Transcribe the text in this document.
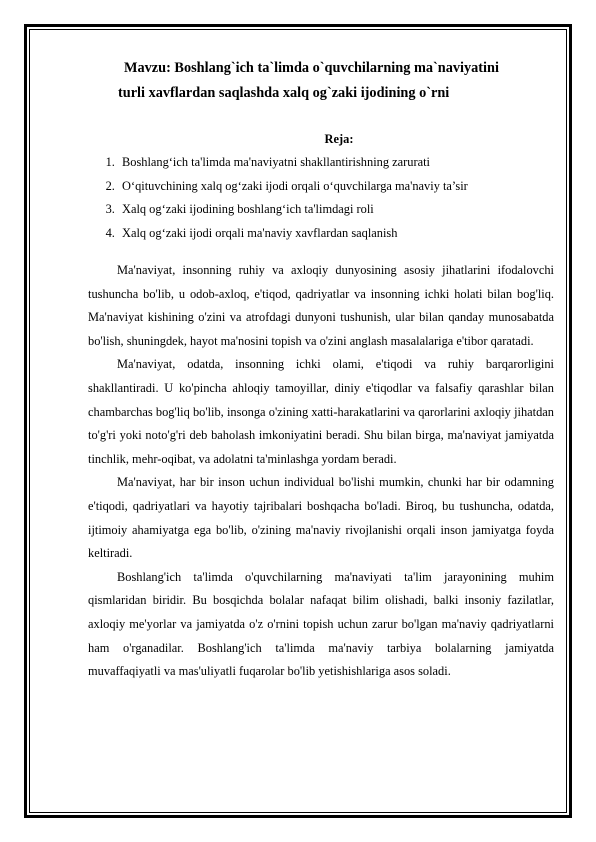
Mavzu: Boshlang`ich ta`limda o`quvchilarning ma`naviyatini

turli xavflardan saqlashda xalq og`zaki ijodining o`rni
Reja:
1. Boshlang‘ich ta'limda ma'naviyatni shakllantirishning zarurati
2. O‘qituvchining xalq og‘zaki ijodi orqali o‘quvchilarga ma'naviy ta’sir
3. Xalq og‘zaki ijodining boshlang‘ich ta'limdagi roli
4. Xalq og‘zaki ijodi orqali ma'naviy xavflardan saqlanish

Ma'naviyat, insonning ruhiy va axloqiy dunyosining asosiy jihatlarini ifodalovchi tushuncha bo'lib, u odob-axloq, e'tiqod, qadriyatlar va insonning ichki holati bilan bog'liq. Ma'naviyat kishining o'zini va atrofdagi dunyoni tushunish, ular bilan qanday munosabatda bo'lish, shuningdek, hayot ma'nosini topish va o'zini anglash masalalariga e'tibor qaratadi.

Ma'naviyat, odatda, insonning ichki olami, e'tiqodi va ruhiy barqarorligini shakllantiradi. U ko'pincha ahloqiy tamoyillar, diniy e'tiqodlar va falsafiy qarashlar bilan chambarchas bog'liq bo'lib, insonga o'zining xatti-harakatlarini va qarorlarini axloqiy jihatdan to'g'ri yoki noto'g'ri deb baholash imkoniyatini beradi. Shu bilan birga, ma'naviyat jamiyatda tinchlik, mehr-oqibat, va adolatni ta'minlashga yordam beradi.

Ma'naviyat, har bir inson uchun individual bo'lishi mumkin, chunki har bir odamning e'tiqodi, qadriyatlari va hayotiy tajribalari boshqacha bo'ladi. Biroq, bu tushuncha, odatda, ijtimoiy ahamiyatga ega bo'lib, o'zining ma'naviy rivojlanishi orqali inson jamiyatga foyda keltiradi.

Boshlang'ich ta'limda o'quvchilarning ma'naviyati ta'lim jarayonining muhim qismlaridan biridir. Bu bosqichda bolalar nafaqat bilim olishadi, balki insoniy fazilatlar, axloqiy me'yorlar va jamiyatda o'z o'rnini topish uchun zarur bo'lgan ma'naviy qadriyatlarni ham o'rganadilar. Boshlang'ich ta'limda ma'naviy tarbiya bolalarning jamiyatda muvaffaqiyatli va mas'uliyatli fuqarolar bo'lib yetishishlariga asos soladi.
